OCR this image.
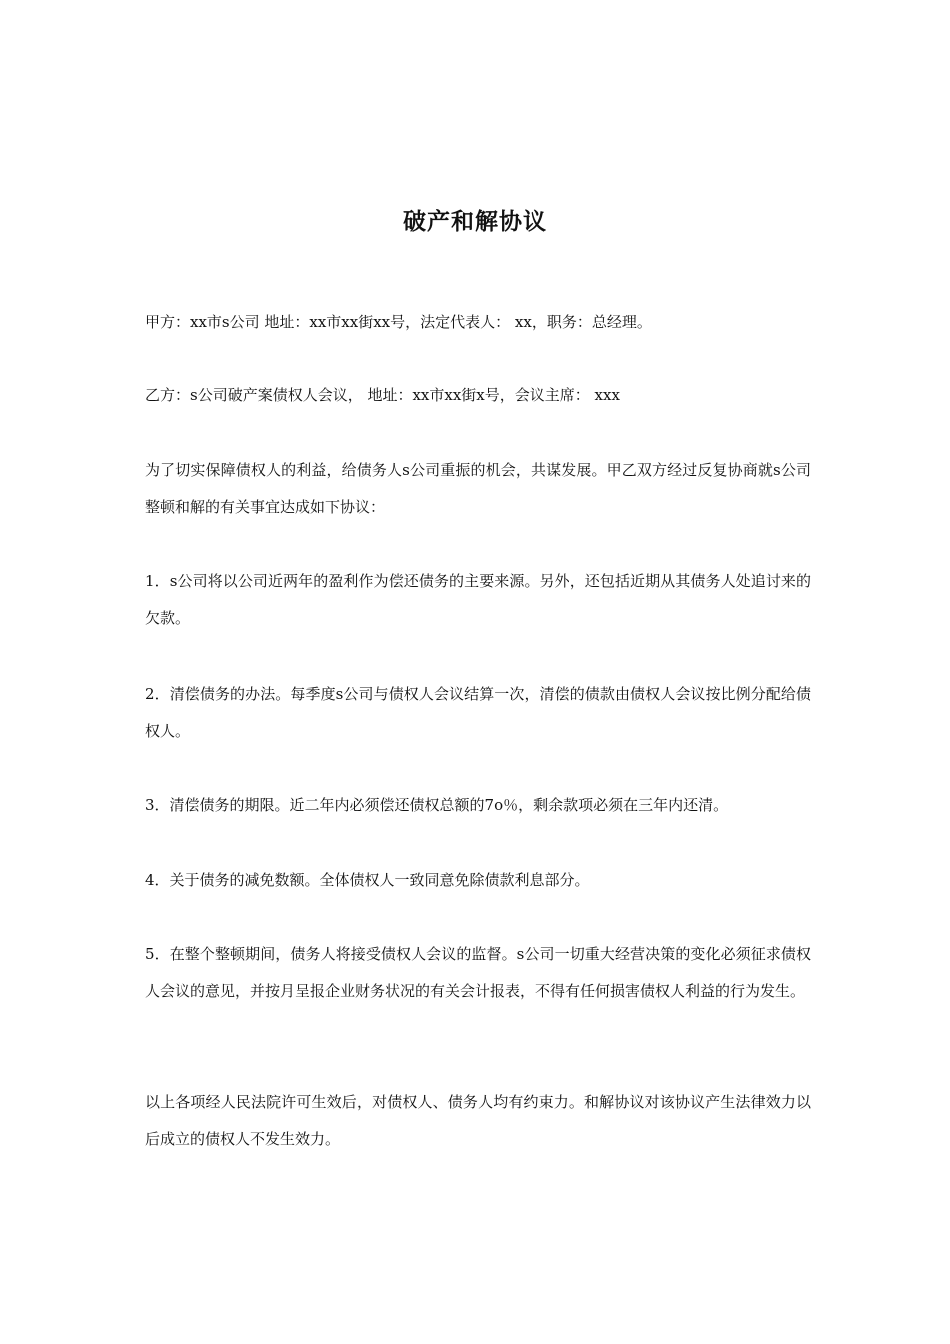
破产和解协议

甲方：xx市s公司 地址：xx市xx街xx号，法定代表人： xx，职务：总经理。

乙方：s公司破产案债权人会议， 地址：xx市xx街x号，会议主席： xxx

为了切实保障债权人的利益，给债务人s公司重振的机会，共谋发展。甲乙双方经过反复协商就s公司整顿和解的有关事宜达成如下协议：

1．s公司将以公司近两年的盈利作为偿还债务的主要来源。另外，还包括近期从其债务人处追讨来的欠款。

2．清偿债务的办法。每季度s公司与债权人会议结算一次，清偿的债款由债权人会议按比例分配给债权人。

3．清偿债务的期限。近二年内必须偿还债权总额的7o％，剩余款项必须在三年内还清。

4．关于债务的减免数额。全体债权人一致同意免除债款利息部分。

5．在整个整顿期间，债务人将接受债权人会议的监督。s公司一切重大经营决策的变化必须征求债权人会议的意见，并按月呈报企业财务状况的有关会计报表，不得有任何损害债权人利益的行为发生。

以上各项经人民法院许可生效后，对债权人、债务人均有约束力。和解协议对该协议产生法律效力以后成立的债权人不发生效力。
